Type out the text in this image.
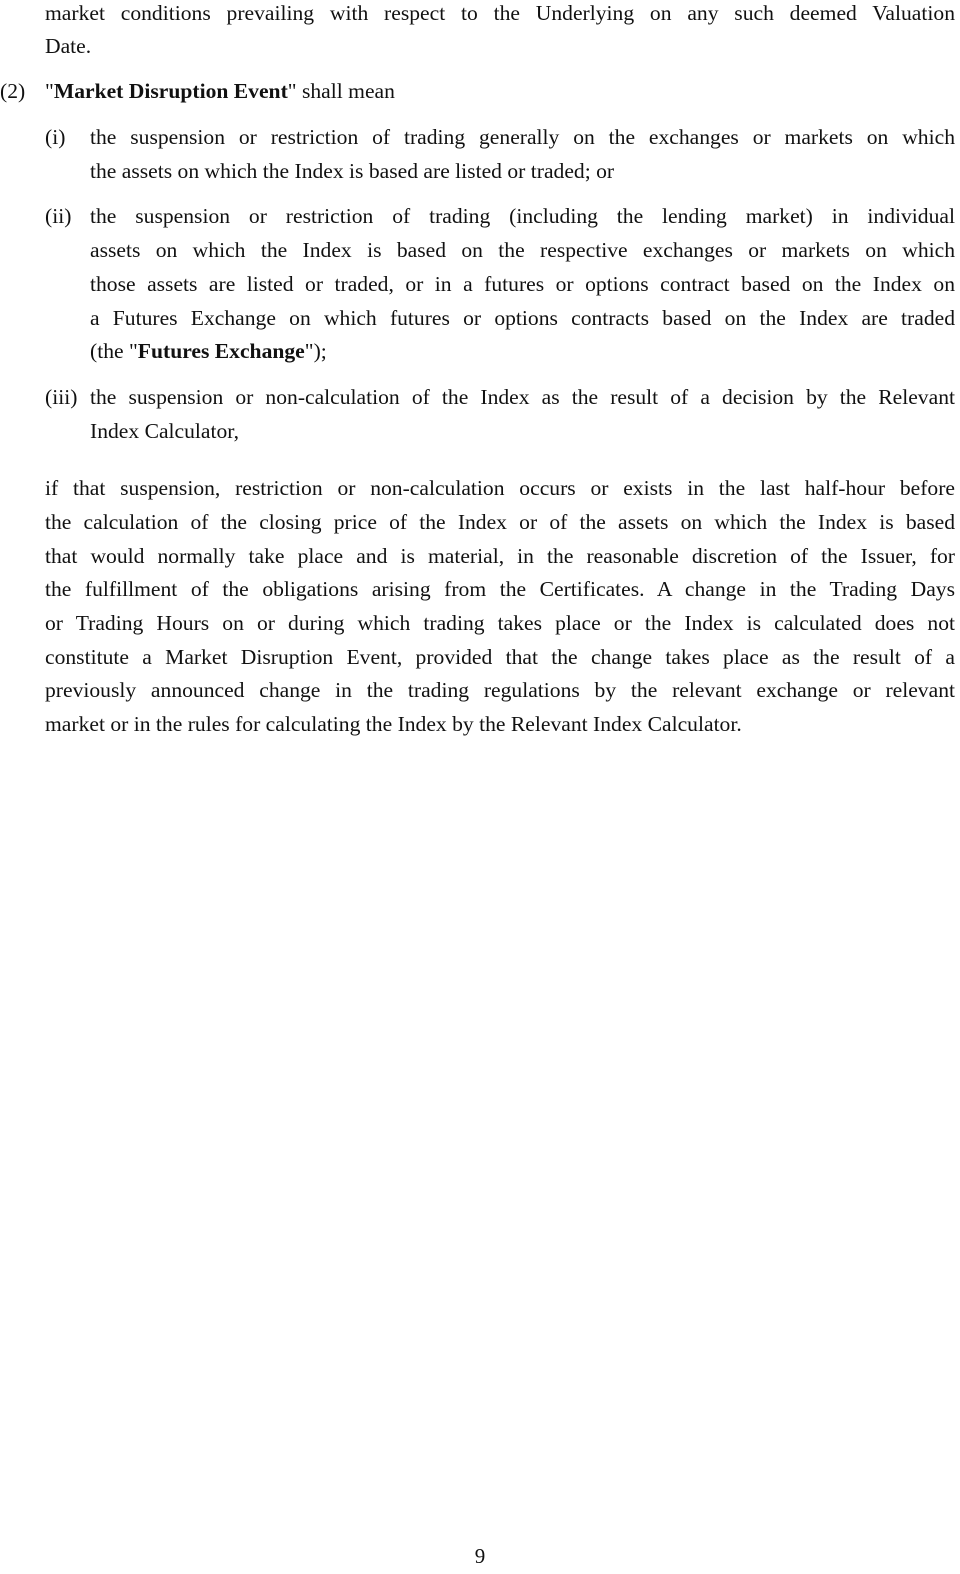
market conditions prevailing with respect to the Underlying on any such deemed Valuation
Date.
(2) "Market Disruption Event" shall mean
(i) the suspension or restriction of trading generally on the exchanges or markets on which
the assets on which the Index is based are listed or traded; or
(ii) the suspension or restriction of trading (including the lending market) in individual
assets on which the Index is based on the respective exchanges or markets on which
those assets are listed or traded, or in a futures or options contract based on the Index on
a Futures Exchange on which futures or options contracts based on the Index are traded
(the "Futures Exchange");
(iii) the suspension or non-calculation of the Index as the result of a decision by the Relevant
Index Calculator,
if that suspension, restriction or non-calculation occurs or exists in the last half-hour before
the calculation of the closing price of the Index or of the assets on which the Index is based
that would normally take place and is material, in the reasonable discretion of the Issuer, for
the fulfillment of the obligations arising from the Certificates. A change in the Trading Days
or Trading Hours on or during which trading takes place or the Index is calculated does not
constitute a Market Disruption Event, provided that the change takes place as the result of a
previously announced change in the trading regulations by the relevant exchange or relevant
market or in the rules for calculating the Index by the Relevant Index Calculator.
9
